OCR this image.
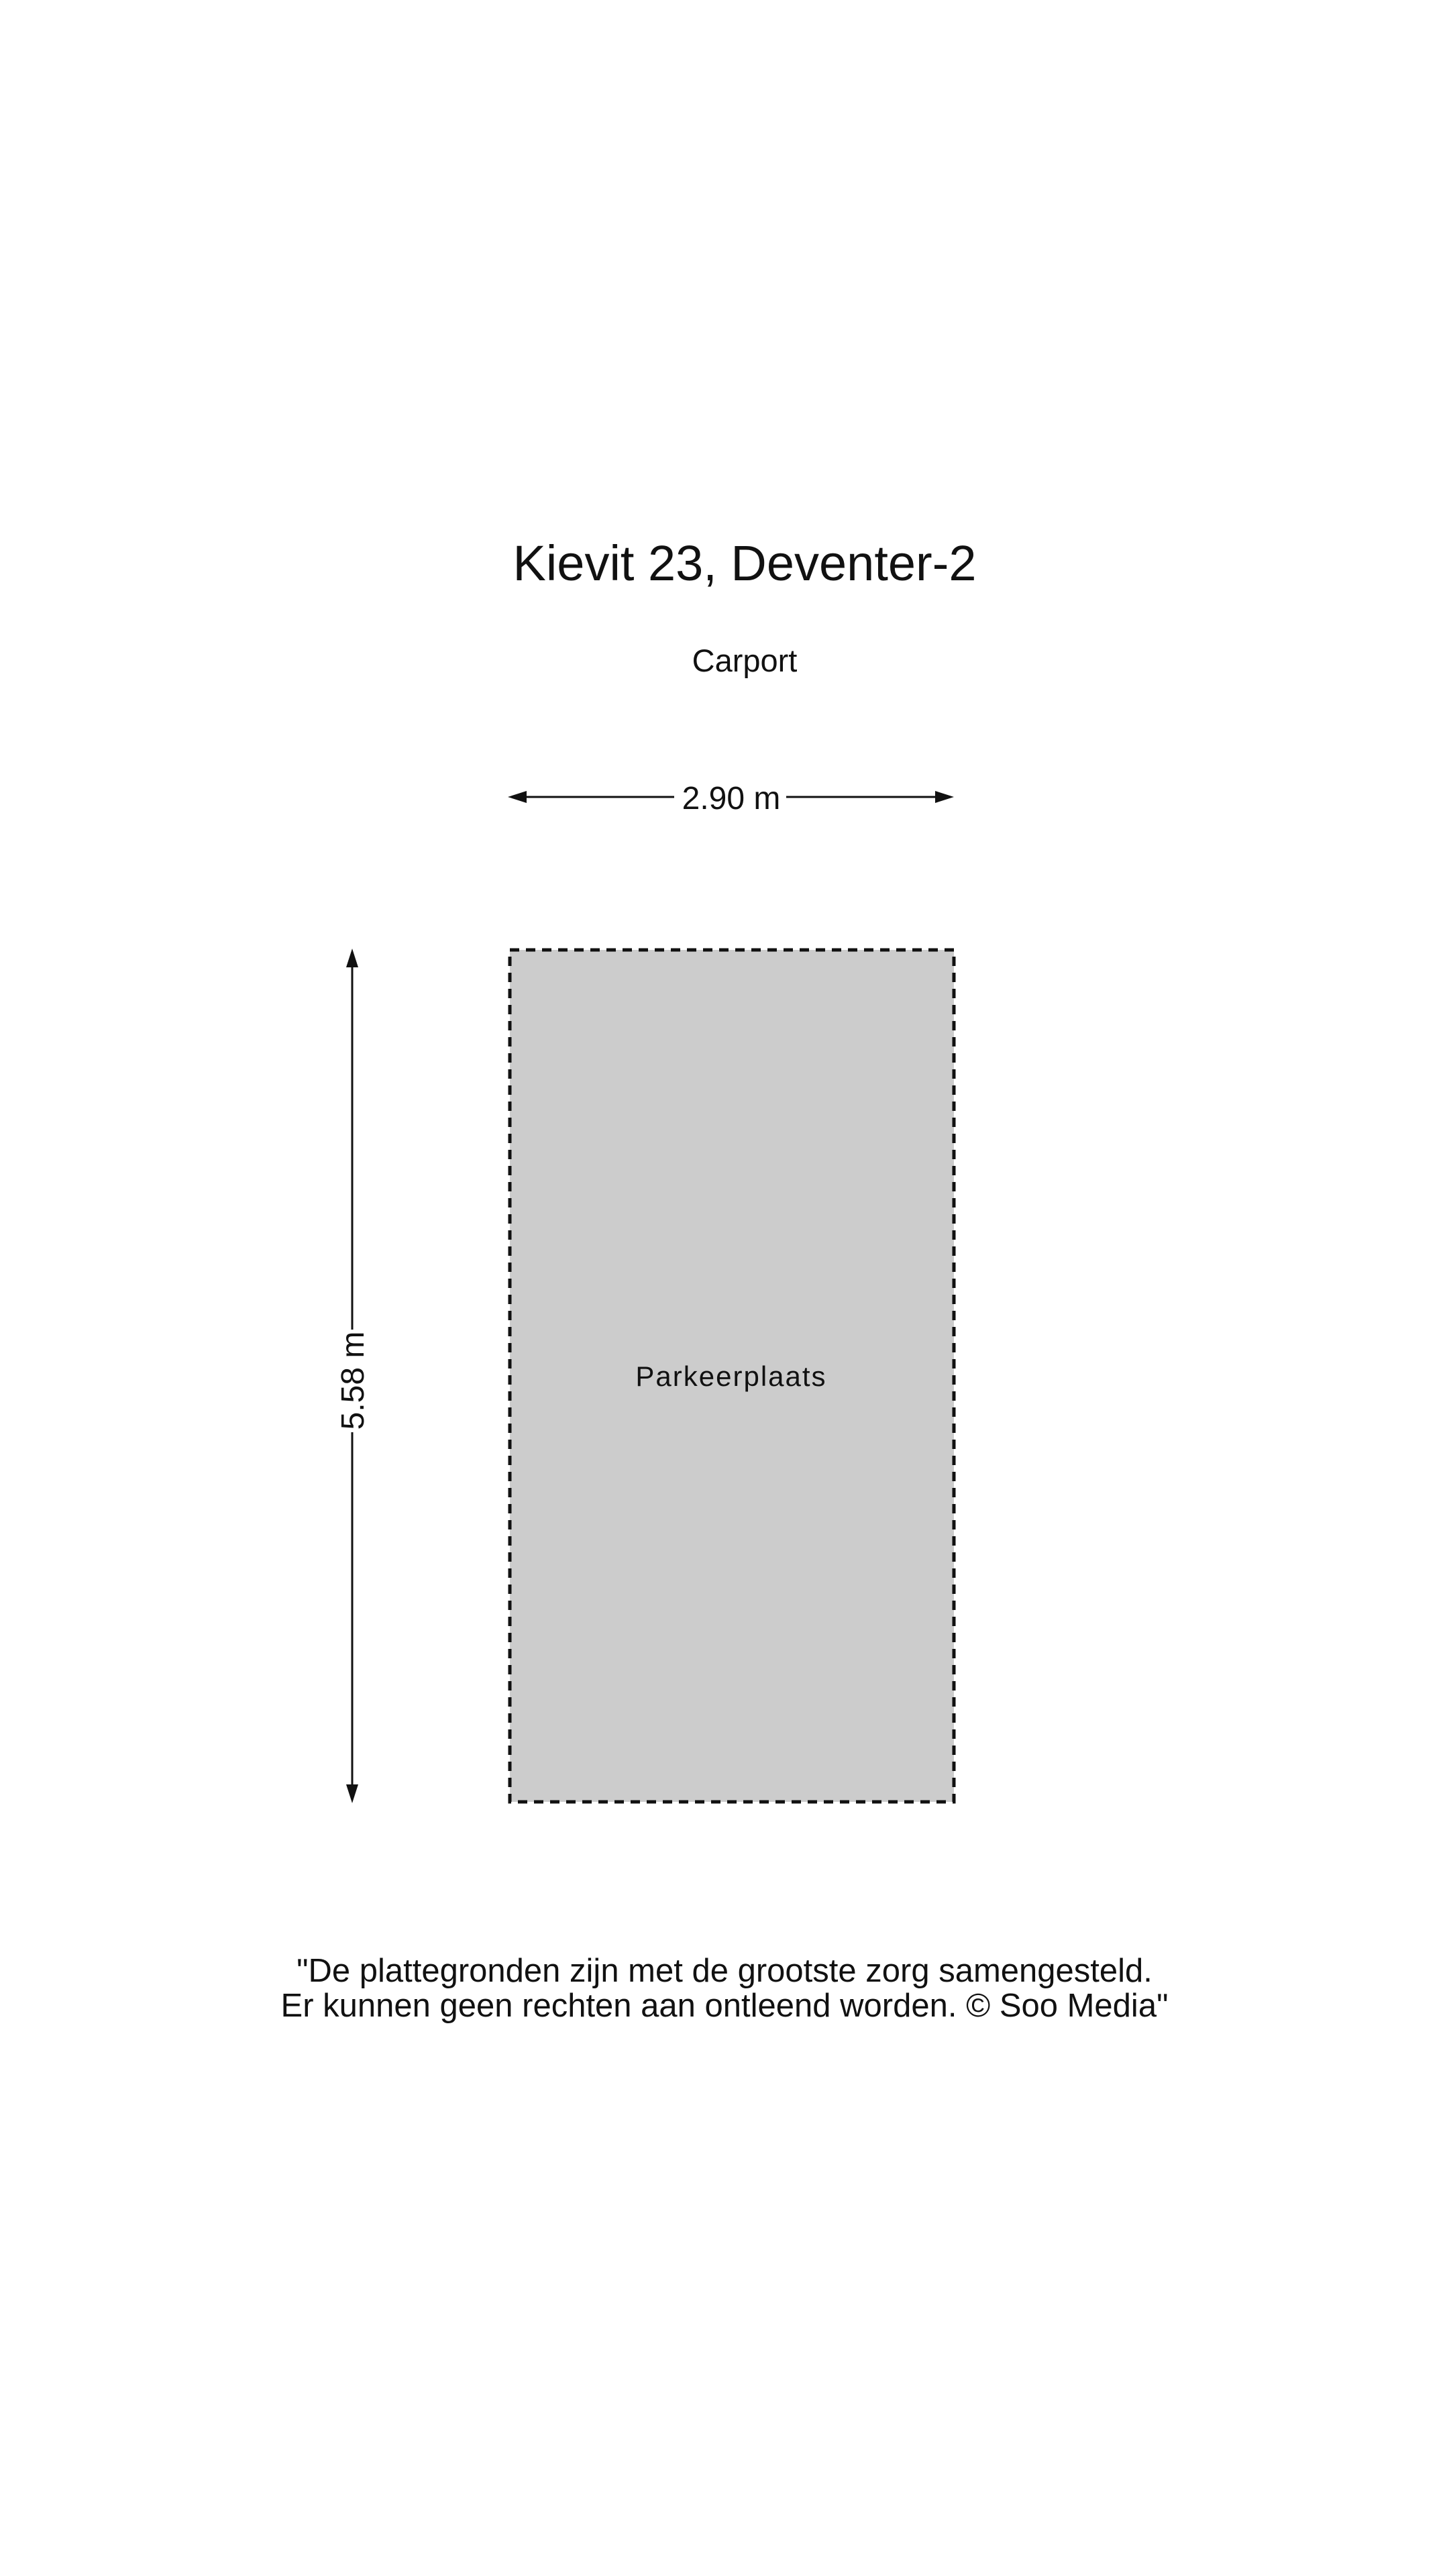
Kievit 23, Deventer-2
Carport
2.90 m
5.58 m	Parkeerplaats
"De plattegronden zijn met de grootste zorg samengesteld.
Er kunnen geen rechten aan ontleend worden. © Soo Media"
